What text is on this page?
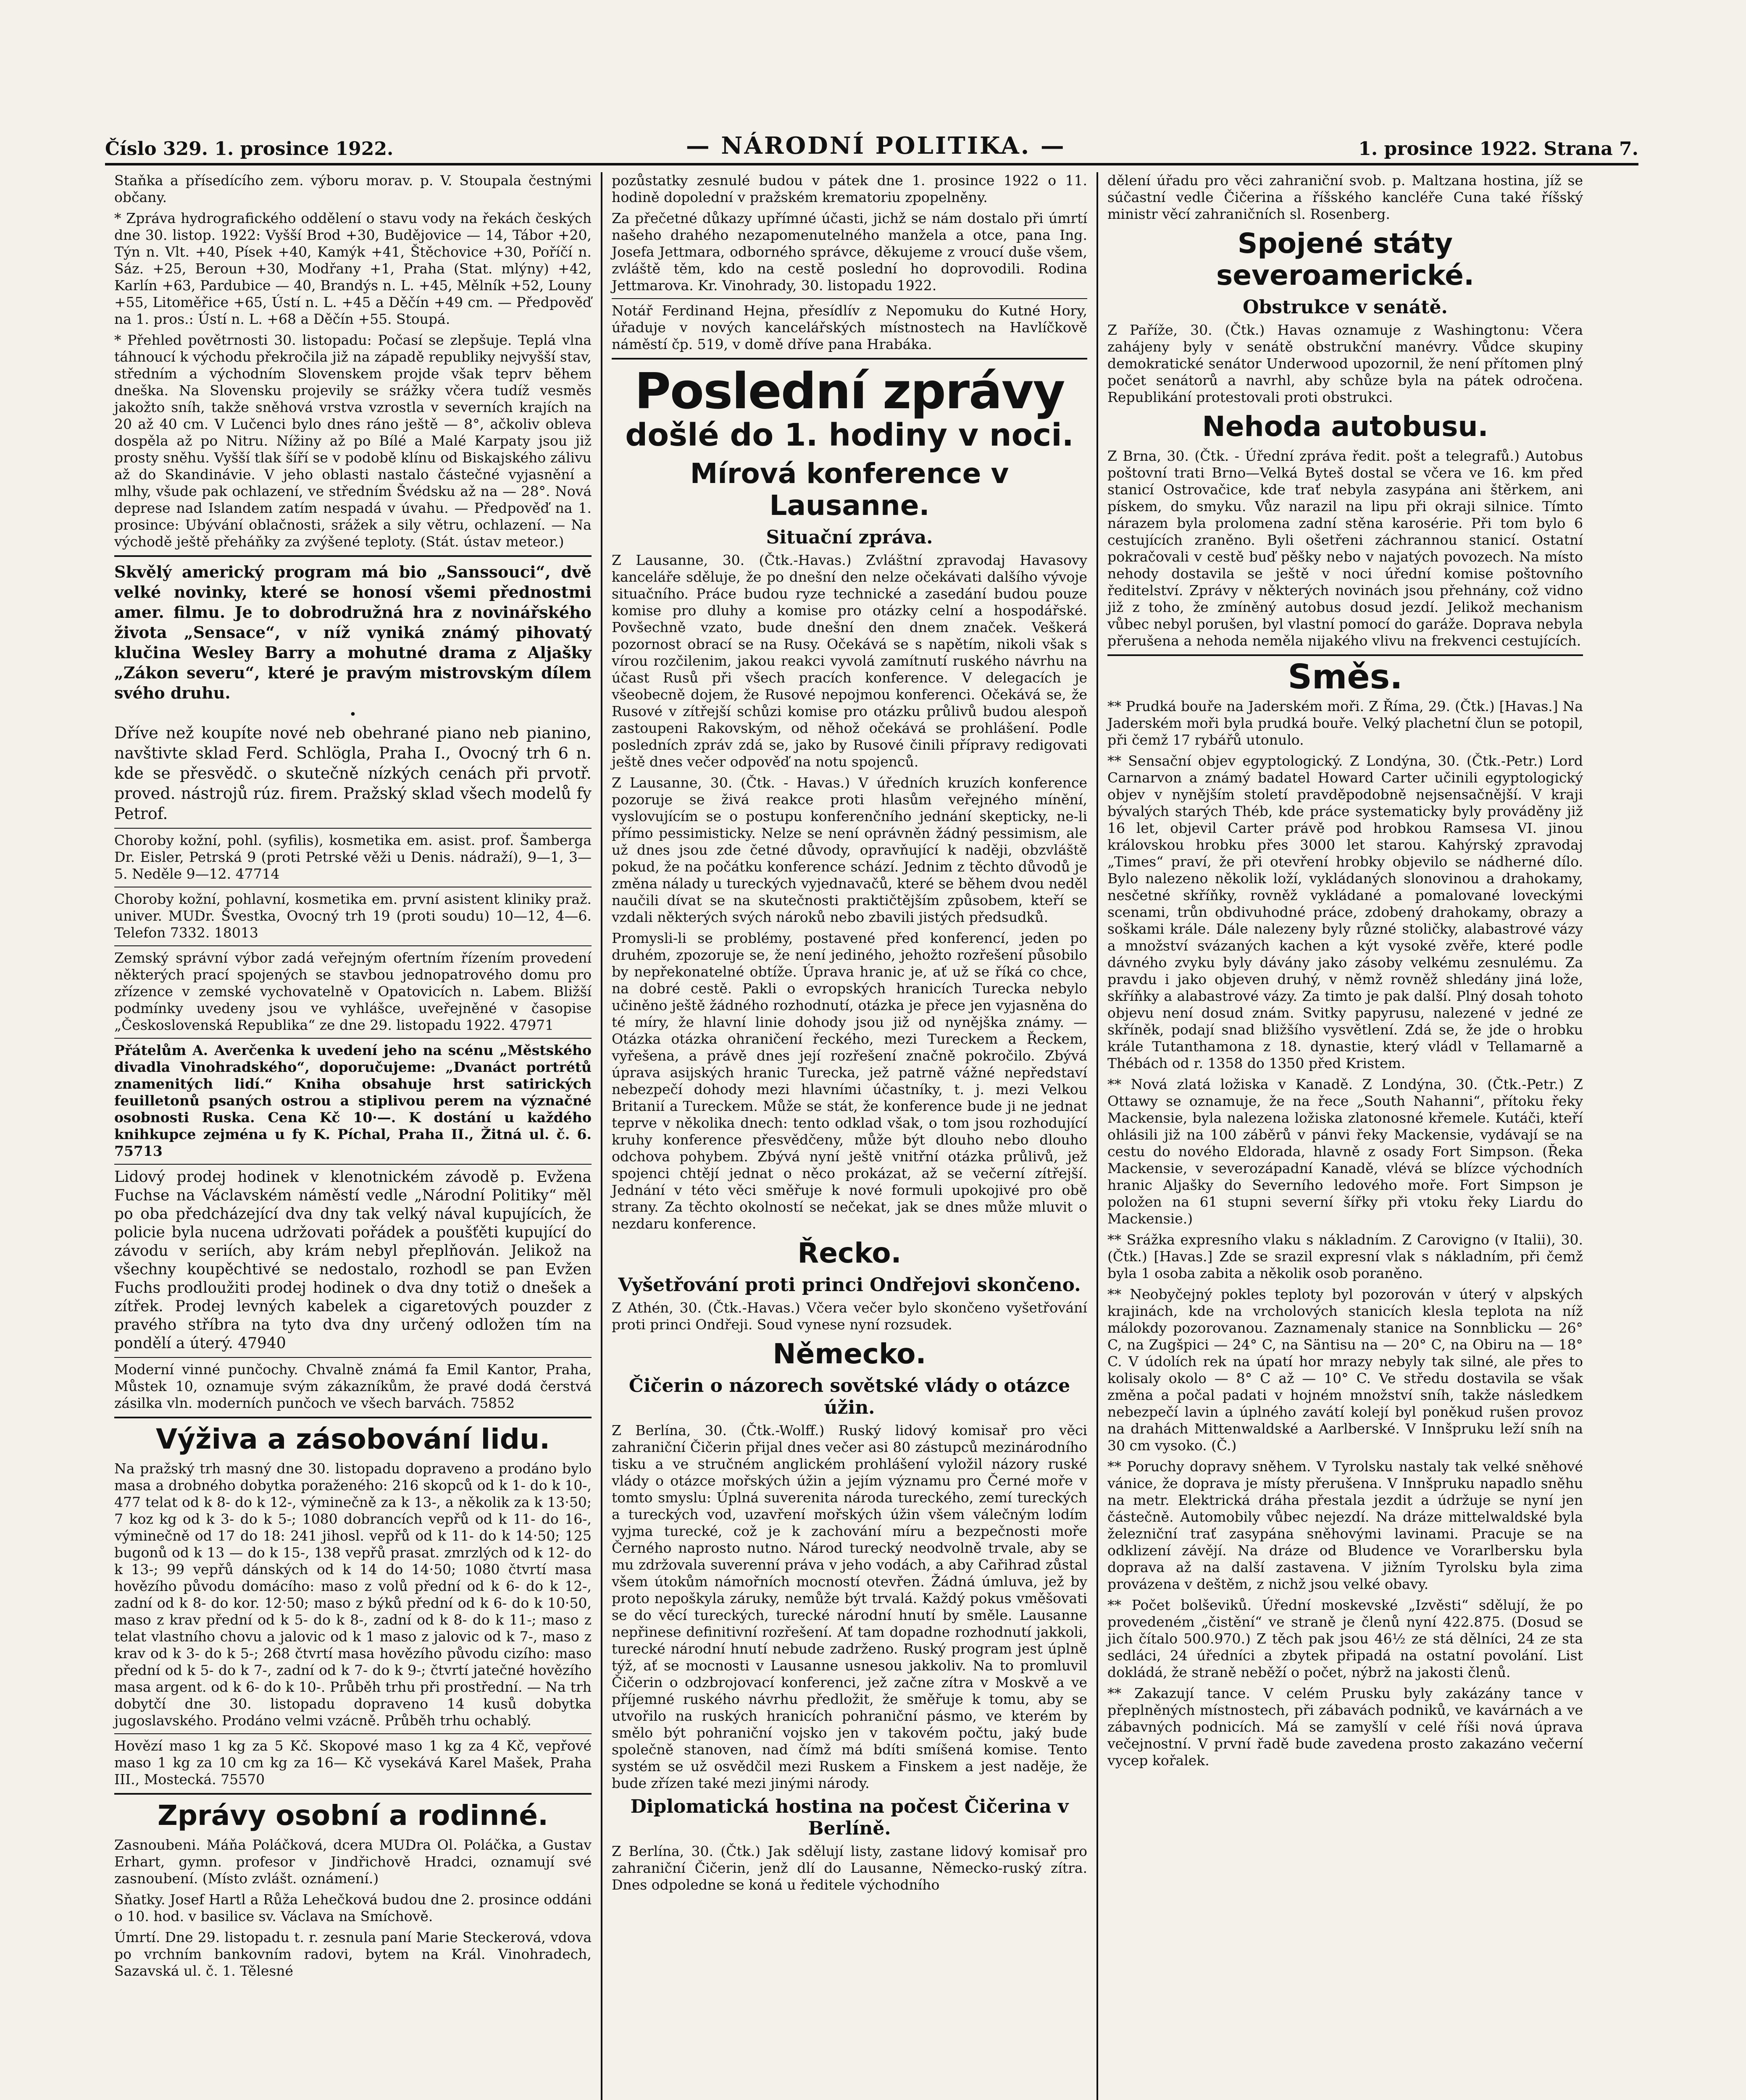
Číslo 329. 1. prosince 1922.	— NÁRODNÍ POLITIKA. —	1. prosince 1922. Strana 7.

Staňka a přísedícího zem. výboru morav. p. V. Stoupala čestnými občany.

* Zpráva hydrografického oddělení o stavu vody na řekách českých dne 30. listop. 1922: Vyšší Brod +30, Budějovice — 14, Tábor +20, Týn n. Vlt. +40, Písek +40, Kamýk +41, Štěchovice +30, Poříčí n. Sáz. +25, Beroun +30, Modřany +1, Praha (Stat. mlýny) +42, Karlín +63, Pardubice — 40, Brandýs n. L. +45, Mělník +52, Louny +55, Litoměřice +65, Ústí n. L. +45 a Děčín +49 cm. — Předpověď na 1. pros.: Ústí n. L. +68 a Děčín +55. Stoupá.

* Přehled povětrnosti 30. listopadu: Počasí se zlepšuje. Teplá vlna táhnoucí k východu překročila již na západě republiky nejvyšší stav, středním a východním Slovenskem projde však teprv během dneška. Na Slovensku projevily se srážky včera tudíž vesměs jakožto sníh, takže sněhová vrstva vzrostla v severních krajích na 20 až 40 cm. V Lučenci bylo dnes ráno ještě — 8°, ačkoliv obleva dospěla až po Nitru. Nížiny až po Bílé a Malé Karpaty jsou již prosty sněhu. Vyšší tlak šíří se v podobě klínu od Biskajského zálivu až do Skandinávie. V jeho oblasti nastalo částečné vyjasnění a mlhy, všude pak ochlazení, ve středním Švédsku až na — 28°. Nová deprese nad Islandem zatím nespadá v úvahu. — Předpověď na 1. prosince: Ubývání oblačnosti, srážek a sily větru, ochlazení. — Na východě ještě přeháňky za zvýšené teploty. (Stát. ústav meteor.)

Skvělý americký program má bio „Sanssouci“, dvě velké novinky, které se honosí všemi přednostmi amer. filmu. Je to dobrodružná hra z novinářského života „Sensace“, v níž vyniká známý pihovatý klučina Wesley Barry a mohutné drama z Aljašky „Zákon severu“, které je pravým mistrovským dílem svého druhu.

•

Dříve než koupíte nové neb obehrané piano neb pianino, navštivte sklad Ferd. Schlögla, Praha I., Ovocný trh 6 n. kde se přesvědč. o skutečně nízkých cenách při prvotř. proved. nástrojů rúz. firem. Pražský sklad všech modelů fy Petrof.

Choroby kožní, pohl. (syfilis), kosmetika em. asist. prof. Šamberga Dr. Eisler, Petrská 9 (proti Petrské věži u Denis. nádraží), 9—1, 3—5. Neděle 9—12. 47714

Choroby kožní, pohlavní, kosmetika em. první asistent kliniky praž. univer. MUDr. Švestka, Ovocný trh 19 (proti soudu) 10—12, 4—6. Telefon 7332. 18013

Zemský správní výbor zadá veřejným ofertním řízením provedení některých prací spojených se stavbou jednopatrového domu pro zřízence v zemské vychovatelně v Opatovicích n. Labem. Bližší podmínky uvedeny jsou ve vyhlášce, uveřejněné v časopise „Československá Republika“ ze dne 29. listopadu 1922. 47971

Přátelům A. Averčenka k uvedení jeho na scénu „Městského divadla Vinohradského“, doporučujeme: „Dvanáct portrétů znamenitých lidí.“ Kniha obsahuje hrst satirických feuilletonů psaných ostrou a stiplivou perem na význačné osobnosti Ruska. Cena Kč 10·—. K dostání u každého knihkupce zejména u fy K. Píchal, Praha II., Žitná ul. č. 6. 75713

Lidový prodej hodinek v klenotnickém závodě p. Evžena Fuchse na Václavském náměstí vedle „Národní Politiky“ měl po oba předcházející dva dny tak velký nával kupujících, že policie byla nucena udržovati pořádek a poušťěti kupující do závodu v seriích, aby krám nebyl přeplňován. Jelikož na všechny koupěchtivé se nedostalo, rozhodl se pan Evžen Fuchs prodloužiti prodej hodinek o dva dny totiž o dnešek a zítřek. Prodej levných kabelek a cigaretových pouzder z pravého stříbra na tyto dva dny určený odložen tím na pondělí a úterý. 47940

Moderní vinné punčochy. Chvalně známá fa Emil Kantor, Praha, Můstek 10, oznamuje svým zákazníkům, že pravé dodá čerstvá zásilka vln. moderních punčoch ve všech barvách. 75852

Výživa a zásobování lidu.

Na pražský trh masný dne 30. listopadu dopraveno a prodáno bylo masa a drobného dobytka poraženého: 216 skopců od k 1- do k 10-, 477 telat od k 8- do k 12-, výminečně za k 13-, a několik za k 13·50; 7 koz kg od k 3- do k 5-; 1080 dobrancích vepřů od k 11- do 16-, výminečně od 17 do 18: 241 jihosl. vepřů od k 11- do k 14·50; 125 bugonů od k 13 — do k 15-, 138 vepřů prasat. zmrzlých od k 12- do k 13-; 99 vepřů dánských od k 14 do 14·50; 1080 čtvrtí masa hovězího původu domácího: maso z volů přední od k 6- do k 12-, zadní od k 8- do kor. 12·50; maso z býků přední od k 6- do k 10·50, maso z krav přední od k 5- do k 8-, zadní od k 8- do k 11-; maso z telat vlastního chovu a jalovic od k 1 maso z jalovic od k 7-, maso z krav od k 3- do k 5-; 268 čtvrtí masa hovězího původu cizího: maso přední od k 5- do k 7-, zadní od k 7- do k 9-; čtvrtí jatečné hovězího masa argent. od k 6- do k 10-. Průběh trhu při prostřední. — Na trh dobytčí dne 30. listopadu dopraveno 14 kusů dobytka jugoslavského. Prodáno velmi vzácně. Průběh trhu ochablý.

Hovězí maso 1 kg za 5 Kč. Skopové maso 1 kg za 4 Kč, vepřové maso 1 kg za 10 cm kg za 16— Kč vysekává Karel Mašek, Praha III., Mostecká. 75570

Zprávy osobní a rodinné.

Zasnoubeni. Máňa Poláčková, dcera MUDra Ol. Poláčka, a Gustav Erhart, gymn. profesor v Jindřichově Hradci, oznamují své zasnoubení. (Místo zvlášt. oznámení.)

Sňatky. Josef Hartl a Růža Lehečková budou dne 2. prosince oddáni o 10. hod. v basilice sv. Václava na Smíchově.

Úmrtí. Dne 29. listopadu t. r. zesnula paní Marie Steckerová, vdova po vrchním bankovním radovi, bytem na Král. Vinohradech, Sazavská ul. č. 1. Tělesné

pozůstatky zesnulé budou v pátek dne 1. prosince 1922 o 11. hodině dopolední v pražském krematoriu zpopelněny.

Za přečetné důkazy upřímné účasti, jichž se nám dostalo při úmrtí našeho drahého nezapomenutelného manžela a otce, pana Ing. Josefa Jettmara, odborného správce, děkujeme z vroucí duše všem, zvláště těm, kdo na cestě poslední ho doprovodili. Rodina Jettmarova. Kr. Vinohrady, 30. listopadu 1922.

Notář Ferdinand Hejna, přesídlív z Nepomuku do Kutné Hory, úřaduje v nových kancelářských místnostech na Havlíčkově náměstí čp. 519, v domě dříve pana Hrabáka.

Poslední zprávy
došlé do 1. hodiny v noci.
Mírová konference v Lausanne.
Situační zpráva.

Z Lausanne, 30. (Čtk.-Havas.) Zvláštní zpravodaj Havasovy kanceláře sděluje, že po dnešní den nelze očekávati dalšího vývoje situačního. Práce budou ryze technické a zasedání budou pouze komise pro dluhy a komise pro otázky celní a hospodářské. Povšechně vzato, bude dnešní den dnem značek. Veškerá pozornost obrací se na Rusy. Očekává se s napětím, nikoli však s vírou rozčilenim, jakou reakci vyvolá zamítnutí ruského návrhu na účast Rusů při všech pracích konference. V delegacích je všeobecně dojem, že Rusové nepojmou konferenci. Očekává se, že Rusové v zítřejší schůzi komise pro otázku průlivů budou alespoň zastoupeni Rakovským, od něhož očekává se prohlášení. Podle posledních zpráv zdá se, jako by Rusové činili přípravy redigovati ještě dnes večer odpověď na notu spojenců.

Z Lausanne, 30. (Čtk. - Havas.) V úředních kruzích konference pozoruje se živá reakce proti hlasům veřejného mínění, vyslovujícím se o postupu konferenčního jednání skepticky, ne-li přímo pessimisticky. Nelze se není oprávněn žádný pessimism, ale už dnes jsou zde četné důvody, opravňující k naději, obzvláště pokud, že na počátku konference schází. Jednim z těchto důvodů je změna nálady u tureckých vyjednavačů, které se během dvou neděl naučili dívat se na skutečnosti praktičtějším způsobem, kteří se vzdali některých svých nároků nebo zbavili jistých předsudků.

Promysli-li se problémy, postavené před konferencí, jeden po druhém, zpozoruje se, že není jediného, jehožto rozřešení působilo by nepřekonatelné obtíže. Úprava hranic je, ať už se říká co chce, na dobré cestě. Pakli o evropských hranicích Turecka nebylo učiněno ještě žádného rozhodnutí, otázka je přece jen vyjasněna do té míry, že hlavní linie dohody jsou již od nynějška známy. — Otázka otázka ohraničení řeckého, mezi Tureckem a Řeckem, vyřešena, a právě dnes její rozřešení značně pokročilo. Zbývá úprava asijských hranic Turecka, jež patrně vážné nepředstaví nebezpečí dohody mezi hlavními účastníky, t. j. mezi Velkou Britanií a Tureckem. Může se stát, že konference bude ji ne jednat teprve v několika dnech: tento odklad však, o tom jsou rozhodující kruhy konference přesvědčeny, může být dlouho nebo dlouho odchova pohybem. Zbývá nyní ještě vnitřní otázka průlivů, jež spojenci chtějí jednat o něco prokázat, až se večerní zítřejší. Jednání v této věci směřuje k nové formuli upokojivé pro obě strany. Za těchto okolností se nečekat, jak se dnes může mluvit o nezdaru konference.

Řecko.
Vyšetřování proti princi Ondřejovi skončeno.

Z Athén, 30. (Čtk.-Havas.) Včera večer bylo skončeno vyšetřování proti princi Ondřeji. Soud vynese nyní rozsudek.

Německo.
Čičerin o názorech sovětské vlády o otázce úžin.

Z Berlína, 30. (Čtk.-Wolff.) Ruský lidový komisař pro věci zahraniční Čičerin přijal dnes večer asi 80 zástupců mezinárodního tisku a ve stručném anglickém prohlášení vyložil názory ruské vlády o otázce mořských úžin a jejím významu pro Černé moře v tomto smyslu: Úplná suverenita národa tureckého, zemí tureckých a tureckých vod, uzavření mořských úžin všem válečným lodím vyjma turecké, což je k zachování míru a bezpečnosti moře Černého naprosto nutno. Národ turecký neodvolně trvale, aby se mu zdržovala suverenní práva v jeho vodách, a aby Cařihrad zůstal všem útokům námořních mocností otevřen. Žádná úmluva, jež by proto nepoškyla záruky, nemůže být trvalá. Každý pokus vměšovati se do věcí tureckých, turecké národní hnutí by směle. Lausanne nepřinese definitivní rozřešení. Ať tam dopadne rozhodnutí jakkoli, turecké národní hnutí nebude zadrženo. Ruský program jest úplně týž, ať se mocnosti v Lausanne usnesou jakkoliv. Na to promluvil Čičerin o odzbrojovací konferenci, jež začne zítra v Moskvě a ve příjemné ruského návrhu předložit, že směřuje k tomu, aby se utvořilo na ruských hranicích pohraniční pásmo, ve kterém by smělo být pohraniční vojsko jen v takovém počtu, jaký bude společně stanoven, nad čímž má bdíti smíšená komise. Tento systém se už osvědčil mezi Ruskem a Finskem a jest naděje, že bude zřízen také mezi jinými národy.

Diplomatická hostina na počest Čičerina v Berlíně.

Z Berlína, 30. (Čtk.) Jak sdělují listy, zastane lidový komisař pro zahraniční Čičerin, jenž dlí do Lausanne, Německo-ruský zítra. Dnes odpoledne se koná u ředitele východního

dělení úřadu pro věci zahraniční svob. p. Maltzana hostina, jíž se súčastní vedle Čičerina a říšského kancléře Cuna také říšský ministr věcí zahraničních sl. Rosenberg.

Spojené státy severoamerické.
Obstrukce v senátě.

Z Paříže, 30. (Čtk.) Havas oznamuje z Washingtonu: Včera zahájeny byly v senátě obstrukční manévry. Vůdce skupiny demokratické senátor Underwood upozornil, že není přítomen plný počet senátorů a navrhl, aby schůze byla na pátek odročena. Republikání protestovali proti obstrukci.

Nehoda autobusu.

Z Brna, 30. (Čtk. - Úřední zpráva ředit. pošt a telegrafů.) Autobus poštovní trati Brno—Velká Byteš dostal se včera ve 16. km před stanicí Ostrovačice, kde trať nebyla zasypána ani štěrkem, ani pískem, do smyku. Vůz narazil na lipu při okraji silnice. Tímto nárazem byla prolomena zadní stěna karosérie. Při tom bylo 6 cestujících zraněno. Byli ošetřeni záchrannou stanicí. Ostatní pokračovali v cestě buď pěšky nebo v najatých povozech. Na místo nehody dostavila se ještě v noci úřední komise poštovního ředitelství. Zprávy v některých novinách jsou přehnány, což vidno již z toho, že zmíněný autobus dosud jezdí. Jelikož mechanism vůbec nebyl porušen, byl vlastní pomocí do garáže. Doprava nebyla přerušena a nehoda neměla nijakého vlivu na frekvenci cestujících.

Směs.

** Prudká bouře na Jaderském moři. Z Říma, 29. (Čtk.) [Havas.] Na Jaderském moři byla prudká bouře. Velký plachetní člun se potopil, při čemž 17 rybářů utonulo.

** Sensační objev egyptologický. Z Londýna, 30. (Čtk.-Petr.) Lord Carnarvon a známý badatel Howard Carter učinili egyptologický objev v nynějším století pravděpodobně nejsensačnější. V kraji bývalých starých Théb, kde práce systematicky byly prováděny již 16 let, objevil Carter právě pod hrobkou Ramsesa VI. jinou královskou hrobku přes 3000 let starou. Kahýrský zpravodaj „Times“ praví, že při otevření hrobky objevilo se nádherné dílo. Bylo nalezeno několik loží, vykládaných slonovinou a drahokamy, nesčetné skříňky, rovněž vykládané a pomalované loveckými scenami, trůn obdivuhodné práce, zdobený drahokamy, obrazy a soškami krále. Dále nalezeny byly různé stoličky, alabastrové vázy a množství svázaných kachen a kýt vysoké zvěře, které podle dávného zvyku byly dávány jako zásoby velkému zesnulému. Za pravdu i jako objeven druhý, v němž rovněž shledány jiná lože, skříňky a alabastrové vázy. Za timto je pak další. Plný dosah tohoto objevu není dosud znám. Svitky papyrusu, nalezené v jedné ze skříněk, podají snad bližšího vysvětlení. Zdá se, že jde o hrobku krále Tutanthamona z 18. dynastie, který vládl v Tellamarně a Thébách od r. 1358 do 1350 před Kristem.

** Nová zlatá ložiska v Kanadě. Z Londýna, 30. (Čtk.-Petr.) Z Ottawy se oznamuje, že na řece „South Nahanni“, přítoku řeky Mackensie, byla nalezena ložiska zlatonosné křemele. Kutáči, kteří ohlásili již na 100 záběrů v pánvi řeky Mackensie, vydávají se na cestu do nového Eldorada, hlavně z osady Fort Simpson. (Řeka Mackensie, v severozápadní Kanadě, vlévá se blízce východních hranic Aljašky do Severního ledového moře. Fort Simpson je položen na 61 stupni severní šířky při vtoku řeky Liardu do Mackensie.)

** Srážka expresního vlaku s nákladním. Z Carovigno (v Italii), 30. (Čtk.) [Havas.] Zde se srazil expresní vlak s nákladním, při čemž byla 1 osoba zabita a několik osob poraněno.

** Neobyčejný pokles teploty byl pozorován v úterý v alpských krajinách, kde na vrcholových stanicích klesla teplota na níž málokdy pozorovanou. Zaznamenaly stanice na Sonnblicku — 26° C, na Zugšpici — 24° C, na Säntisu na — 20° C, na Obiru na — 18° C. V údolích rek na úpatí hor mrazy nebyly tak silné, ale přes to kolisaly okolo — 8° C až — 10° C. Ve středu dostavila se však změna a počal padati v hojném množství sníh, takže následkem nebezpečí lavin a úplného zavátí kolejí byl poněkud rušen provoz na drahách Mittenwaldské a Aarlberské. V Innšpruku leží sníh na 30 cm vysoko. (Č.)

** Poruchy dopravy sněhem. V Tyrolsku nastaly tak velké sněhové vánice, že doprava je místy přerušena. V Innšpruku napadlo sněhu na metr. Elektrická dráha přestala jezdit a údržuje se nyní jen částečně. Automobily vůbec nejezdí. Na dráze mittelwaldské byla železniční trať zasypána sněhovými lavinami. Pracuje se na odklizení závějí. Na dráze od Bludence ve Vorarlbersku byla doprava až na další zastavena. V jižním Tyrolsku byla zima provázena v deštěm, z nichž jsou velké obavy.

** Počet bolševiků. Úřední moskevské „Izvěsti“ sdělují, že po provedeném „čistění“ ve straně je členů nyní 422.875. (Dosud se jich čítalo 500.970.) Z těch pak jsou 46½ ze stá dělníci, 24 ze sta sedláci, 24 úředníci a zbytek připadá na ostatní povolání. List dokládá, že straně neběží o počet, nýbrž na jakosti členů.

** Zakazují tance. V celém Prusku byly zakázány tance v přeplněných místnostech, při zábavách podniků, ve kavárnách a ve zábavných podnicích. Má se zamyšlí v celé říši nová úprava večejnostní. V první řadě bude zavedena prosto zakazáno večerní vycep kořalek.
